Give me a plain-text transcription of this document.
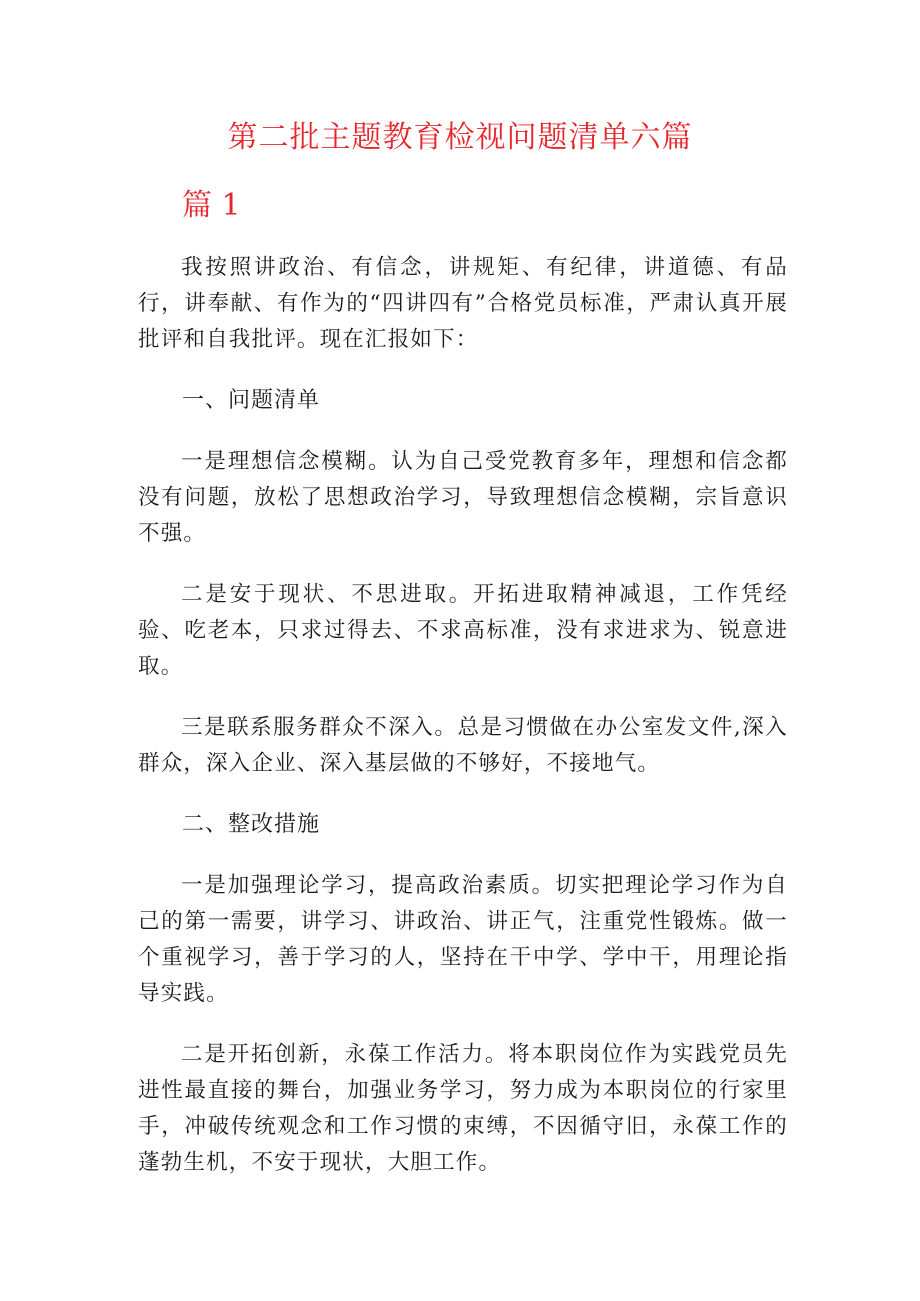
第二批主题教育检视问题清单六篇
篇 1

我按照讲政治、有信念，讲规矩、有纪律，讲道德、有品行，讲奉献、有作为的“四讲四有”合格党员标准，严肃认真开展批评和自我批评。现在汇报如下：

一、问题清单

一是理想信念模糊。认为自己受党教育多年，理想和信念都没有问题，放松了思想政治学习，导致理想信念模糊，宗旨意识不强。

二是安于现状、不思进取。开拓进取精神减退，工作凭经验、吃老本，只求过得去、不求高标准，没有求进求为、锐意进取。

三是联系服务群众不深入。总是习惯做在办公室发文件,深入群众，深入企业、深入基层做的不够好，不接地气。

二、整改措施

一是加强理论学习，提高政治素质。切实把理论学习作为自己的第一需要，讲学习、讲政治、讲正气，注重党性锻炼。做一个重视学习，善于学习的人，坚持在干中学、学中干，用理论指导实践。

二是开拓创新，永葆工作活力。将本职岗位作为实践党员先进性最直接的舞台，加强业务学习，努力成为本职岗位的行家里手，冲破传统观念和工作习惯的束缚，不因循守旧，永葆工作的蓬勃生机，不安于现状，大胆工作。
